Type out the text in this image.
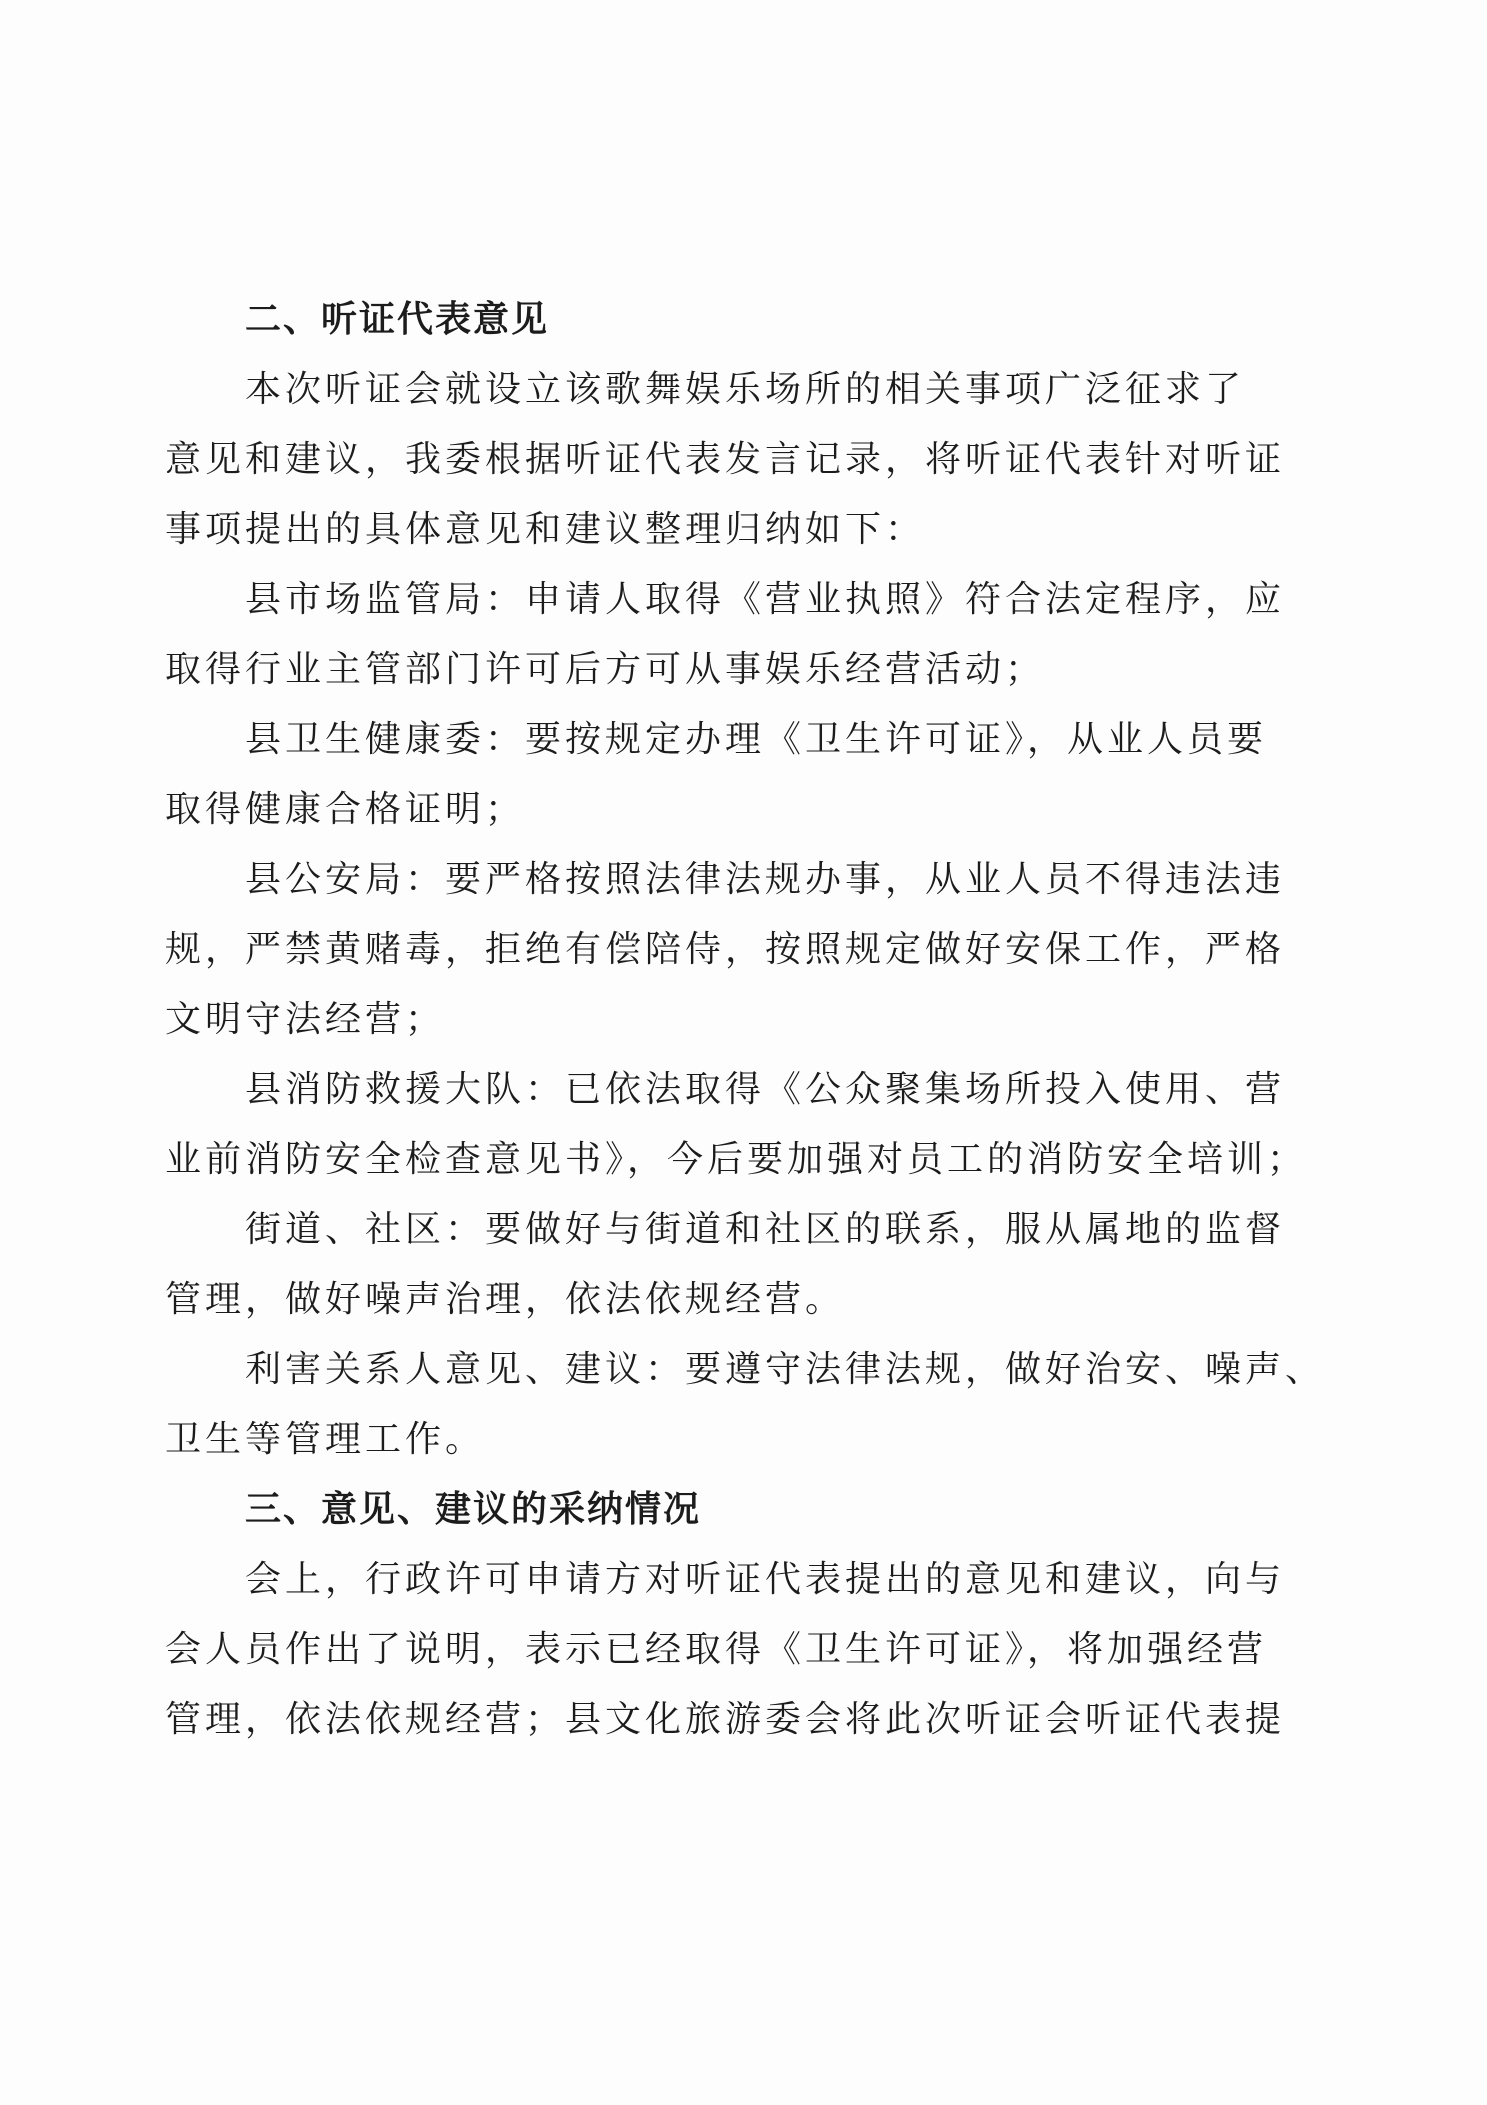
二、听证代表意见
本次听证会就设立该歌舞娱乐场所的相关事项广泛征求了
意见和建议，我委根据听证代表发言记录，将听证代表针对听证
事项提出的具体意见和建议整理归纳如下：
县市场监管局：申请人取得《营业执照》符合法定程序，应
取得行业主管部门许可后方可从事娱乐经营活动；
县卫生健康委：要按规定办理《卫生许可证》，从业人员要
取得健康合格证明；
县公安局：要严格按照法律法规办事，从业人员不得违法违
规，严禁黄赌毒，拒绝有偿陪侍，按照规定做好安保工作，严格
文明守法经营；
县消防救援大队：已依法取得《公众聚集场所投入使用、营
业前消防安全检查意见书》，今后要加强对员工的消防安全培训；
街道、社区：要做好与街道和社区的联系，服从属地的监督
管理，做好噪声治理，依法依规经营。
利害关系人意见、建议：要遵守法律法规，做好治安、噪声、
卫生等管理工作。
三、意见、建议的采纳情况
会上，行政许可申请方对听证代表提出的意见和建议，向与
会人员作出了说明，表示已经取得《卫生许可证》，将加强经营
管理，依法依规经营；县文化旅游委会将此次听证会听证代表提
